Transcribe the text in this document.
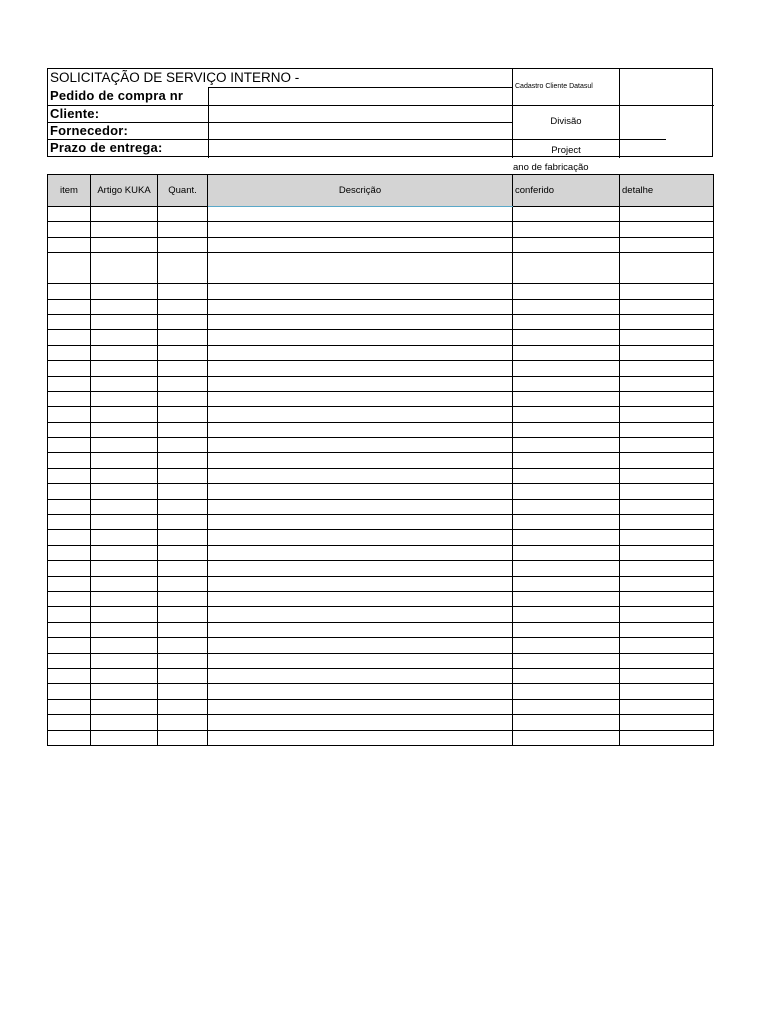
SOLICITAÇÃO DE SERVIÇO INTERNO -
Pedido de compra nr
Cliente:
Fornecedor:
Prazo de entrega:
Cadastro Cliente Datasul
Divisão
Project
ano de fabricação
item	Artigo KUKA	Quant.	Descrição	conferido	detalhe
